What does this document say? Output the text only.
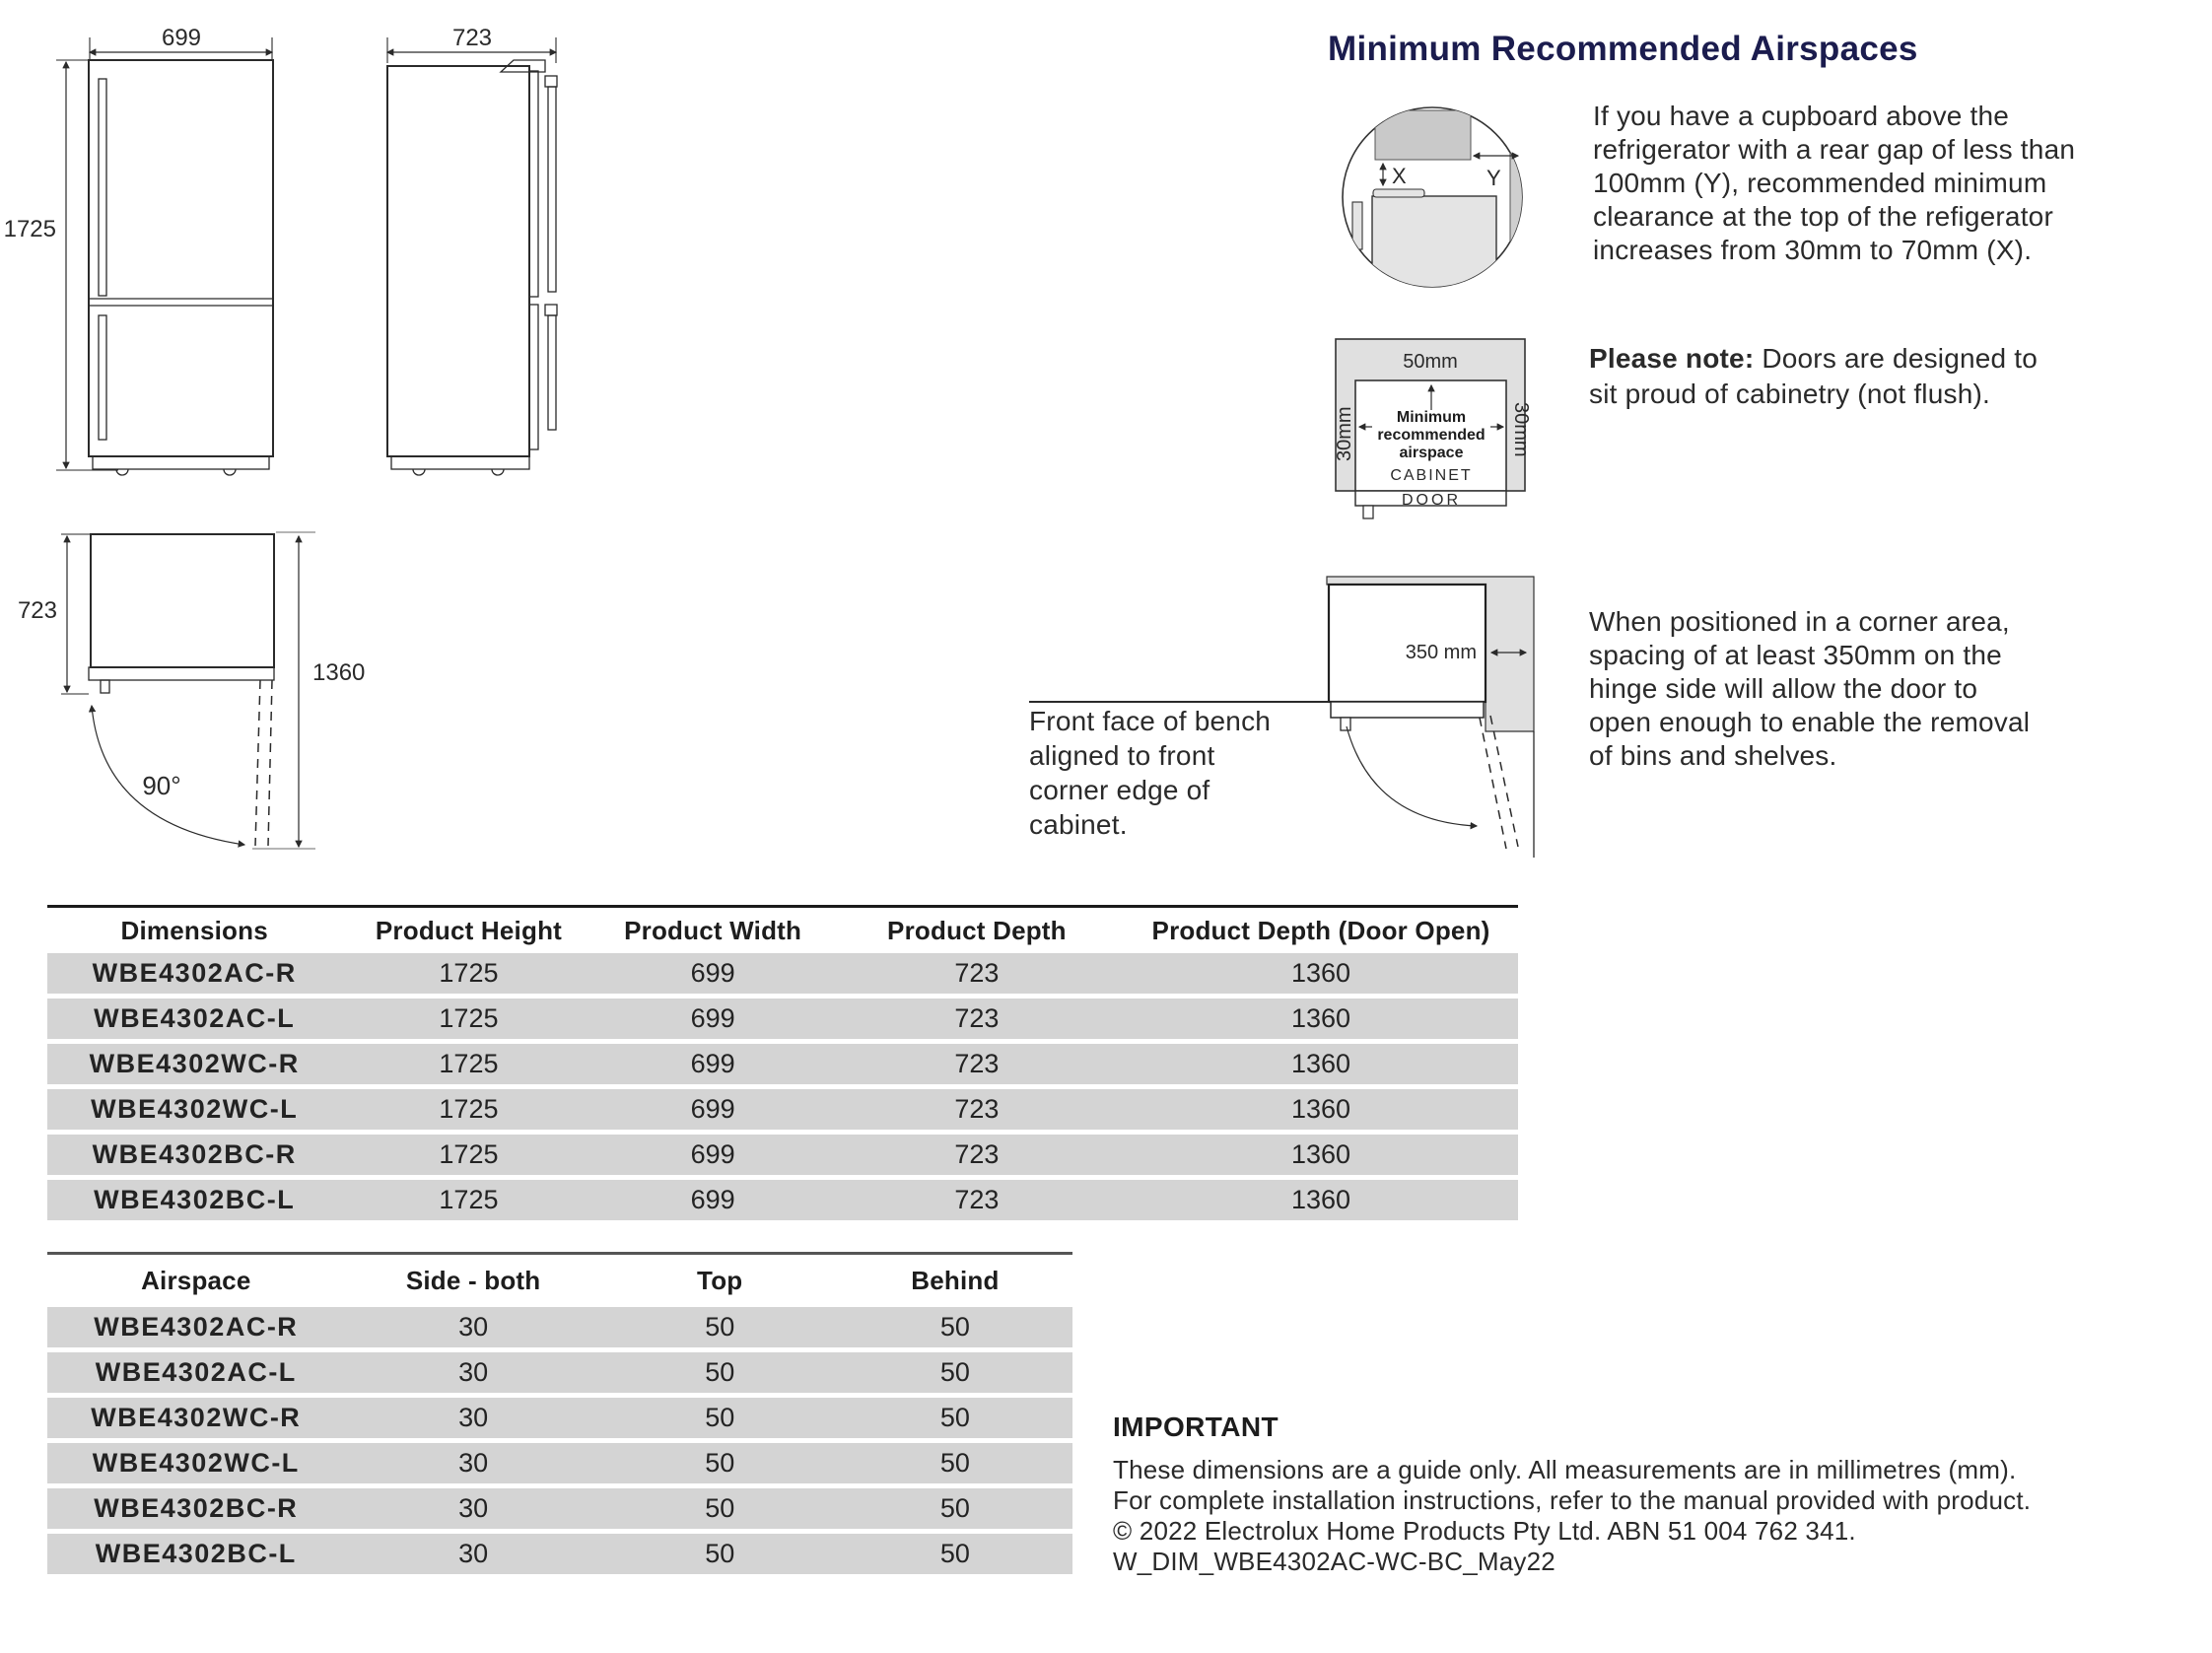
699
1725
723
723
1360
90°
X	Y
50mm
Minimum
recommended
airspace
CABINET
30mm	30mm
DOOR
350 mm
Minimum Recommended Airspaces
If you have a cupboard above the
refrigerator with a rear gap of less than
100mm (Y), recommended minimum
clearance at the top of the refigerator
increases from 30mm to 70mm (X).
Please note: Doors are designed to
sit proud of cabinetry (not flush).
When positioned in a corner area,
spacing of at least 350mm on the
hinge side will allow the door to
open enough to enable the removal
of bins and shelves.
Front face of bench
aligned to front
corner edge of
cabinet.
Dimensions	Product Height	Product Width	Product Depth	Product Depth (Door Open)
WBE4302AC-R	1725	699	723	1360
WBE4302AC-L	1725	699	723	1360
WBE4302WC-R	1725	699	723	1360
WBE4302WC-L	1725	699	723	1360
WBE4302BC-R	1725	699	723	1360
WBE4302BC-L	1725	699	723	1360
Airspace	Side - both	Top	Behind
WBE4302AC-R	30	50	50
WBE4302AC-L	30	50	50
WBE4302WC-R	30	50	50
WBE4302WC-L	30	50	50
WBE4302BC-R	30	50	50
WBE4302BC-L	30	50	50
IMPORTANT
These dimensions are a guide only. All measurements are in millimetres (mm).
For complete installation instructions, refer to the manual provided with product.
© 2022 Electrolux Home Products Pty Ltd. ABN 51 004 762 341.
W_DIM_WBE4302AC-WC-BC_May22
